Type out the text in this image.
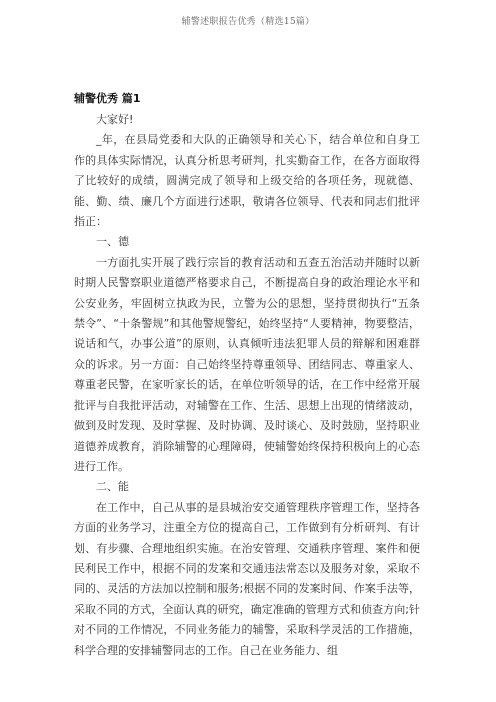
辅警述职报告优秀（精选15篇）
辅警优秀 篇1

大家好!

_年，在县局党委和大队的正确领导和关心下，结合单位和自身工作的具体实际情况，认真分析思考研判，扎实勤奋工作，在各方面取得了比较好的成绩，圆满完成了领导和上级交给的各项任务，现就德、能、勤、绩、廉几个方面进行述职，敬请各位领导、代表和同志们批评指正：

一、德

一方面扎实开展了践行宗旨的教育活动和五查五治活动并随时以新时期人民警察职业道德严格要求自己，不断提高自身的政治理论水平和公安业务，牢固树立执政为民，立警为公的思想，坚持贯彻执行“五条禁令”、“十条警规”和其他警规警纪，始终坚持“人要精神，物要整洁，说话和气，办事公道”的原则，认真倾听违法犯罪人员的辩解和困难群众的诉求。另一方面：自己始终坚持尊重领导、团结同志、尊重家人、尊重老民警，在家听家长的话，在单位听领导的话，在工作中经常开展批评与自我批评活动，对辅警在工作、生活、思想上出现的情绪波动，做到及时发现、及时掌握、及时协调、及时谈心、及时鼓励，坚持职业道德养成教育，消除辅警的心理障碍，使辅警始终保持积极向上的心态进行工作。

二、能

在工作中，自己从事的是县城治安交通管理秩序管理工作，坚持各方面的业务学习，注重全方位的提高自己，工作做到有分析研判、有计划、有步骤、合理地组织实施。在治安管理、交通秩序管理、案件和便民利民工作中，根据不同的发案和交通违法常态以及服务对象，采取不同的、灵活的方法加以控制和服务;根据不同的发案时间、作案手法等，采取不同的方式，全面认真的研究，确定准确的管理方式和侦查方向;针对不同的工作情况，不同业务能力的辅警，采取科学灵活的工作措施，科学合理的安排辅警同志的工作。自己在业务能力、组
